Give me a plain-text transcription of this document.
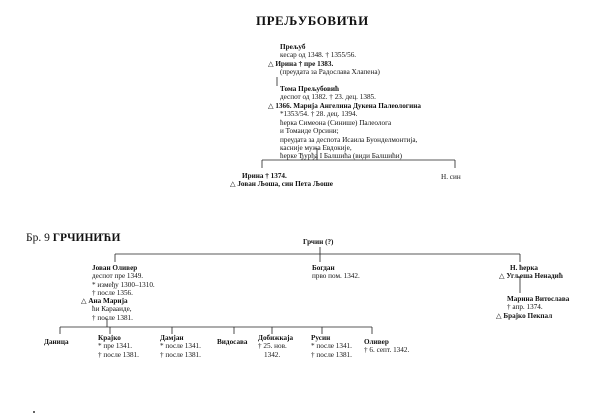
ПРЕЉУБОВИЋИ
Прељуб
кесар од 1348. † 1355/56.
△ Ирина † пре 1383.
(преудата за Радослава Хлапена)
Тома Прељубовић
деспот од 1382. † 23. дец. 1385.
△ 1366. Марија Ангелина Дукена Палеологина
*1353/54. † 28. дец. 1394.
ћерка Симеона (Синише) Палеолога
и Томаиде Орсини;
преудата за деспота Исаила Буонделмонтија,
касније мужа Евдокије,
ћерке Ђурђа I Балшића (види Балшићи)
Ирина † 1374.
△ Јован Љоша, син Пета Љоше
Н. син
Бр. 9 ГРЧИНИЋИ	Грчин (?)
Јован Оливер
деспот пре 1349.
* између 1300–1310.
† после 1356.
△ Ана Марија
ћи Карааиде,
† после 1381.
Богдан
прво пом. 1342.
Н. ћерка
△ Угљеша Ненадић
Марина Витослава
† апр. 1374.
△ Брајко Пекпал
Даница	Крајко
* пре 1341.
† после 1381.
Дамјан
* после 1341.
† после 1381.
Видосава Добижкаја
† 25. нов.
1342.
Русин
* после 1341.
† после 1381.
Оливер
† 6. септ. 1342.
